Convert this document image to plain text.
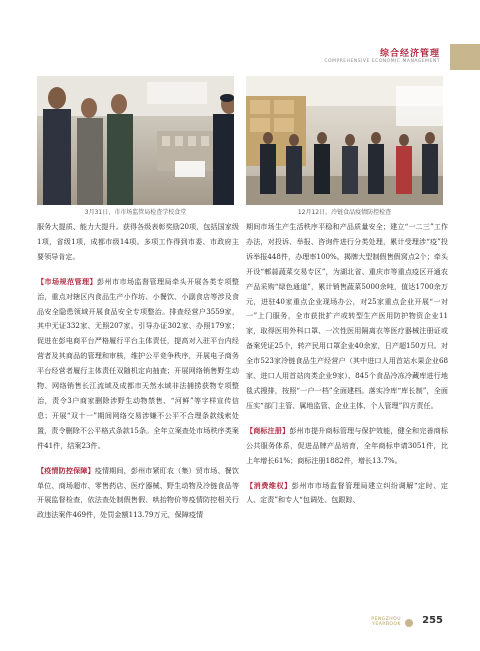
综合经济管理
COMPREHENSIVE ECONOMIC MANAGEMENT
3月31日，市市场监管局检查学校食堂	12月12日，冷链食品疫情防控检查

服务大提质、能力大提升。获得各级表彰奖励20项，包括国家级1项，省级1项，成都市级14项。多项工作得到市委、市政府主要领导肯定。

【市场规范管理】彭州市市场监督管理局牵头开展各类专项整治，重点对辖区内食品生产小作坊、小餐饮、小副食店等涉及食品安全隐患领域开展食品安全专项整治。排查经营户3559家，其中无证332家、无照207家。引导办证302家、办照179家；促进在彭电商平台严格履行平台主体责任，提高对入驻平台内经营者及其商品的管理和审核，维护公平竞争秩序，开展电子商务平台经营者履行主体责任双随机定向抽查；开展网络销售野生动物、网络销售长江流域及成都市天然水域非法捕捞获物专项整治，责令3户商家删除涉野生动物禁售、“河鲜”等字样宣传信息；开展“双十一”期间网络交易涉嫌不公平不合理条款线索处置，责令删除不公平格式条款15条。全年立案查处市场秩序类案件41件，结案23件。

【疫情防控保障】疫情期间，彭州市紧盯农（集）贸市场、餐饮单位、商场超市、零售药店、医疗器械、野生动物及冷链食品等开展监督检查，依法查处制假售假、哄抬物价等疫情防控相关行政违法案件469件，处罚金额113.79万元，保障疫情

期间市场生产生活秩序平稳和产品质量安全；建立“一二三”工作办法，对投诉、举报、咨询件进行分类处理，累计受理涉“疫”投诉举报448件，办理率100%。揭牌大型制假售假窝点2个；牵头开设“郫蒜蔬菜交易专区”，为湖北省、重庆市等重点疫区开通农产品采购“绿色通道”，累计销售蔬菜5000余吨，值达1700余万元，进驻40家重点企业现场办公，对25家重点企业开展“一对一”上门服务，全市获批扩产或转型生产医用防护物资企业11家，取得医用外科口罩、一次性医用隔离衣等医疗器械注册证或备案凭证25个，转产民用口罩企业40余家，日产超150万只。对全市523家冷链食品生产经营户（其中进口人用首站水果企业68家、进口人用首站肉类企业9家）、845个食品冷冻冷藏库进行地毯式搜排，按照“一户一档”全面建档。落实冷库“库长制”，全面压实“部门主管、属地监管、企业主体、个人管理”四方责任。

【商标注册】彭州市提升商标管理与保护效能，健全和完善商标公共服务体系，促进品牌产品培育，全年商标申请3051件，比上年增长61%；商标注册1882件，增长13.7%。

【消费维权】彭州市市场监督管理局建立纠纷调解“定时、定人、定责”和专人“包调处、包跟踪、

PENGZHOU
YEARBOOK 255
